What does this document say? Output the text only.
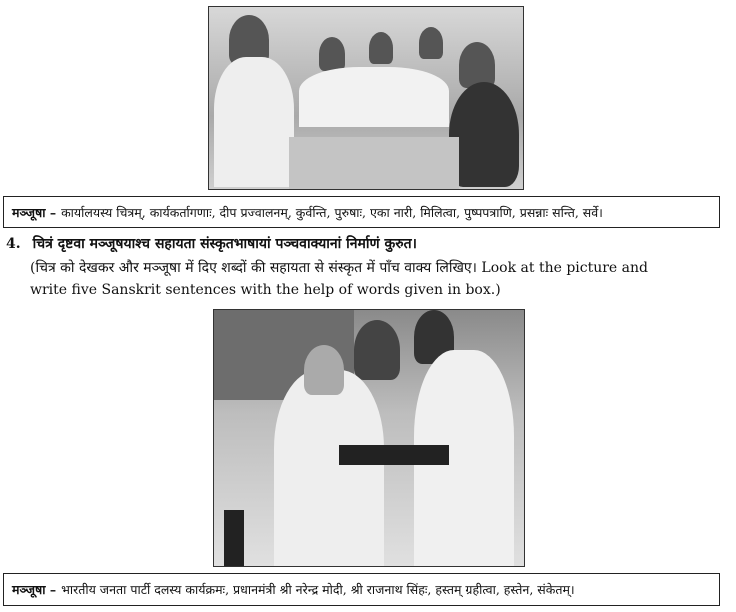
मञ्जूषा – कार्यालयस्य चित्रम्, कार्यकर्तागणाः, दीप प्रज्वालनम्, कुर्वन्ति, पुरुषाः, एका नारी, मिलित्वा, पुष्पपत्राणि, प्रसन्नाः सन्ति, सर्वे।
4. चित्रं दृष्टवा मञ्जूषयाश्च सहायता संस्कृतभाषायां पञ्चवाक्यानां निर्माणं कुरुत।
(चित्र को देखकर और मञ्जूषा में दिए शब्दों की सहायता से संस्कृत में पाँच वाक्य लिखिए। Look at the picture and
write five Sanskrit sentences with the help of words given in box.)
मञ्जूषा – भारतीय जनता पार्टी दलस्य कार्यक्रमः, प्रधानमंत्री श्री नरेन्द्र मोदी, श्री राजनाथ सिंहः, हस्तम् ग्रहीत्वा, हस्तेन, संकेतम्।
